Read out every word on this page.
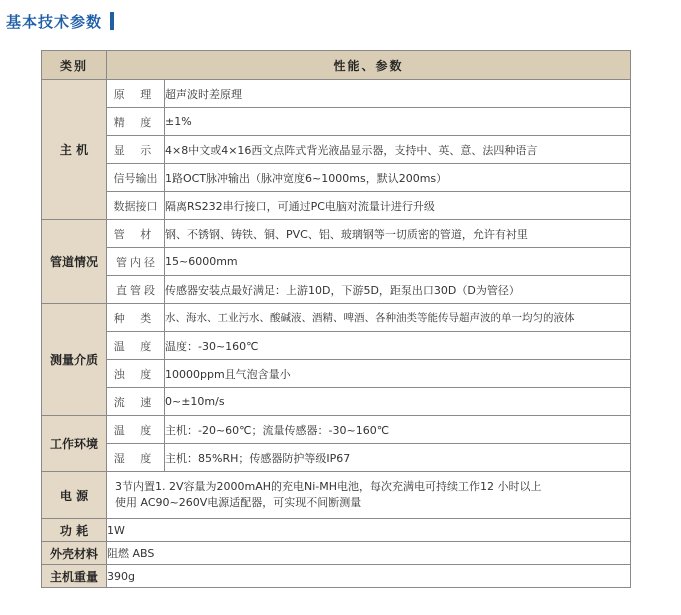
基本技术参数
类别	性能、参数	
主 机	原 理	超声波时差原理
	精 度	±1%
	显 示	4×8中文或4×16西文点阵式背光液晶显示器，支持中、英、意、法四种语言
	信号输出	1路OCT脉冲输出（脉冲宽度6~1000ms，默认200ms）
	数据接口	隔离RS232串行接口，可通过PC电脑对流量计进行升级
管道情况	管 材	钢、不锈钢、铸铁、铜、PVC、铝、玻璃钢等一切质密的管道，允许有衬里
	管内径	15~6000mm
	直管段	传感器安装点最好满足：上游10D，下游5D，距泵出口30D（D为管径）
测量介质	种 类	水、海水、工业污水、酸碱液、酒精、啤酒、各种油类等能传导超声波的单一均匀的液体
	温 度	温度：-30~160℃
	浊 度	10000ppm且气泡含量小
	流 速	0~±10m/s
工作环境	温 度	主机：-20~60℃；流量传感器：-30~160℃
	湿 度	主机：85%RH；传感器防护等级IP67
电 源	3节内置1. 2V容量为2000mAH的充电Ni-MH电池，每次充满电可持续工作12 小时以上
使用 AC90~260V电源适配器，可实现不间断测量	

功 耗	1W	
外壳材料	阻燃 ABS	
主机重量	390g	
